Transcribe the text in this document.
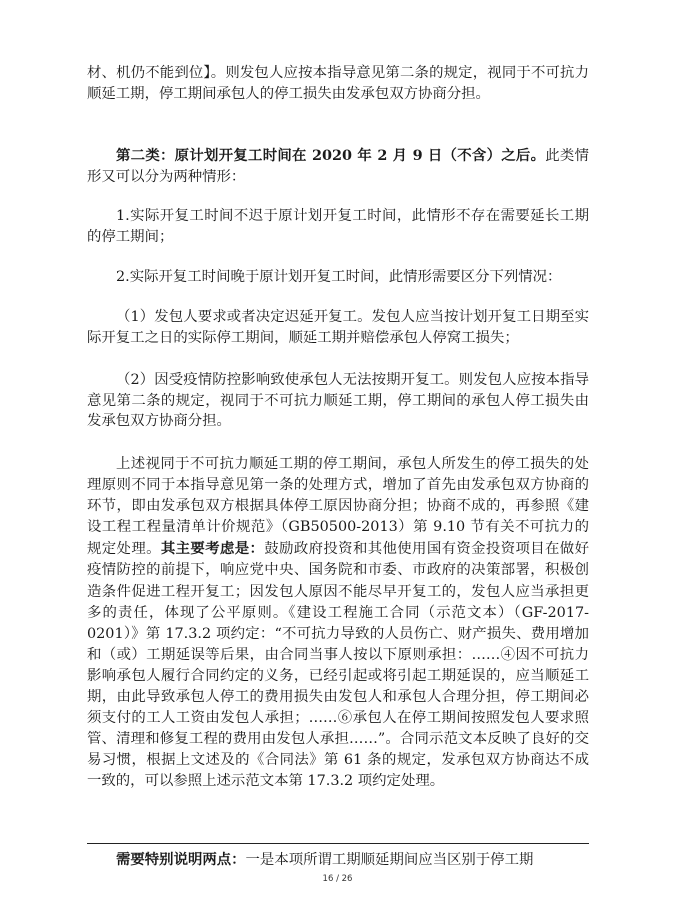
材、机仍不能到位】。则发包人应按本指导意见第二条的规定，视同于不可抗力顺延工期，停工期间承包人的停工损失由发承包双方协商分担。

第二类：原计划开复工时间在 2020 年 2 月 9 日（不含）之后。此类情形又可以分为两种情形：

1.实际开复工时间不迟于原计划开复工时间，此情形不存在需要延长工期的停工期间；

2.实际开复工时间晚于原计划开复工时间，此情形需要区分下列情况：

（1）发包人要求或者决定迟延开复工。发包人应当按计划开复工日期至实际开复工之日的实际停工期间，顺延工期并赔偿承包人停窝工损失；

（2）因受疫情防控影响致使承包人无法按期开复工。则发包人应按本指导意见第二条的规定，视同于不可抗力顺延工期，停工期间的承包人停工损失由发承包双方协商分担。

上述视同于不可抗力顺延工期的停工期间，承包人所发生的停工损失的处理原则不同于本指导意见第一条的处理方式，增加了首先由发承包双方协商的环节，即由发承包双方根据具体停工原因协商分担；协商不成的，再参照《建设工程工程量清单计价规范》（GB50500-2013）第 9.10 节有关不可抗力的规定处理。其主要考虑是：鼓励政府投资和其他使用国有资金投资项目在做好疫情防控的前提下，响应党中央、国务院和市委、市政府的决策部署，积极创造条件促进工程开复工；因发包人原因不能尽早开复工的，发包人应当承担更多的责任，体现了公平原则。《建设工程施工合同（示范文本）（GF-2017-0201）》第 17.3.2 项约定：“不可抗力导致的人员伤亡、财产损失、费用增加和（或）工期延误等后果，由合同当事人按以下原则承担：……④因不可抗力影响承包人履行合同约定的义务，已经引起或将引起工期延误的，应当顺延工期，由此导致承包人停工的费用损失由发包人和承包人合理分担，停工期间必须支付的工人工资由发包人承担；……⑥承包人在停工期间按照发包人要求照管、清理和修复工程的费用由发包人承担……”。合同示范文本反映了良好的交易习惯，根据上文述及的《合同法》第 61 条的规定，发承包双方协商达不成一致的，可以参照上述示范文本第 17.3.2 项约定处理。

需要特别说明两点：一是本项所谓工期顺延期间应当区别于停工期

16 / 26
